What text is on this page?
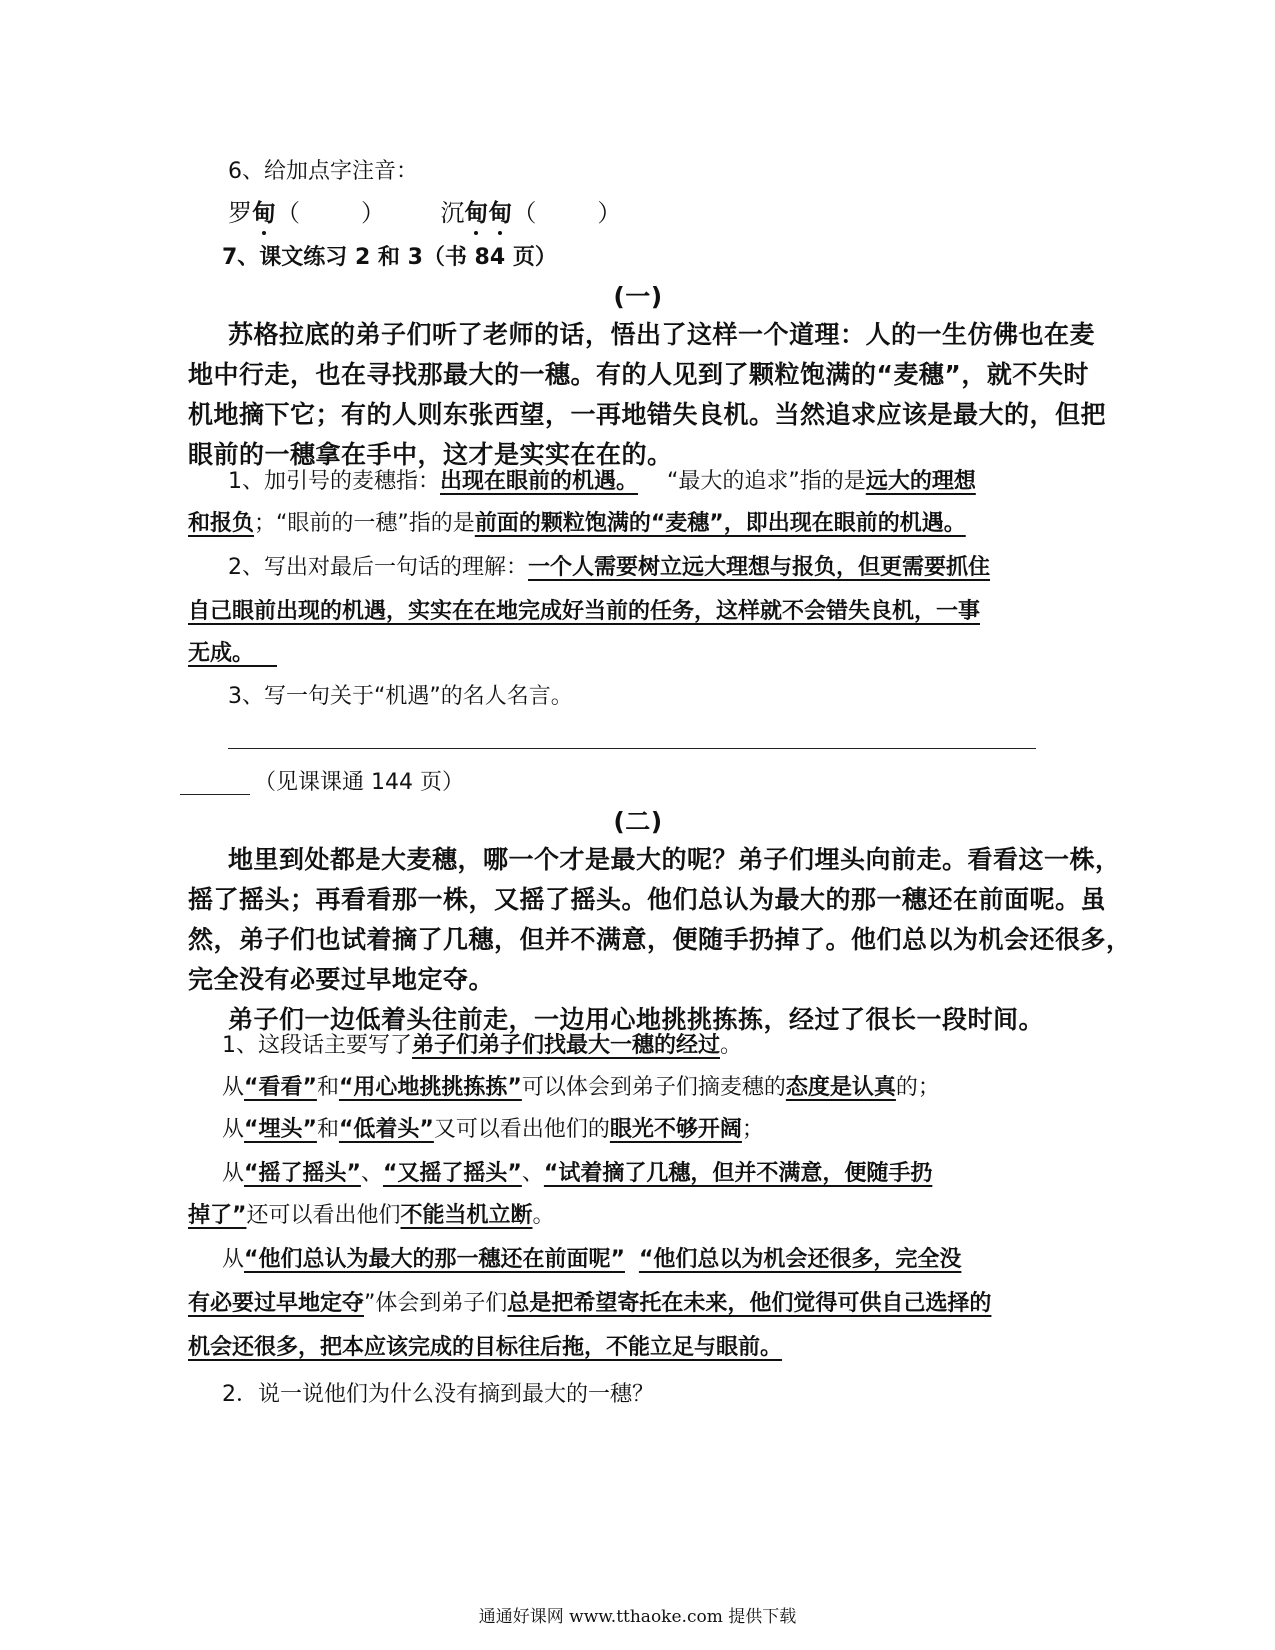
6、给加点字注音：
罗甸（        ） 沉甸甸（        ）
7、课文练习 2 和 3（书 84 页）
(一)
苏格拉底的弟子们听了老师的话，悟出了这样一个道理：人的一生仿佛也在麦
地中行走，也在寻找那最大的一穗。有的人见到了颗粒饱满的“麦穗”，就不失时
机地摘下它；有的人则东张西望，一再地错失良机。当然追求应该是最大的，但把
眼前的一穗拿在手中，这才是实实在在的。
1、加引号的麦穗指：出现在眼前的机遇。 “最大的追求”指的是远大的理想
和报负；“眼前的一穗”指的是前面的颗粒饱满的“麦穗”，即出现在眼前的机遇。
2、写出对最后一句话的理解：一个人需要树立远大理想与报负，但更需要抓住
自己眼前出现的机遇，实实在在地完成好当前的任务，这样就不会错失良机，一事
无成。
3、写一句关于“机遇”的名人名言。
（见课课通 144 页）
(二)
地里到处都是大麦穗，哪一个才是最大的呢？弟子们埋头向前走。看看这一株，
摇了摇头；再看看那一株，又摇了摇头。他们总认为最大的那一穗还在前面呢。虽
然，弟子们也试着摘了几穗，但并不满意，便随手扔掉了。他们总以为机会还很多，
完全没有必要过早地定夺。
弟子们一边低着头往前走，一边用心地挑挑拣拣，经过了很长一段时间。
1、这段话主要写了弟子们弟子们找最大一穗的经过。
从“看看”和“用心地挑挑拣拣”可以体会到弟子们摘麦穗的态度是认真的；
从“埋头”和“低着头”又可以看出他们的眼光不够开阔；
从“摇了摇头”、“又摇了摇头”、“试着摘了几穗，但并不满意，便随手扔
掉了”还可以看出他们不能当机立断。
从“他们总认为最大的那一穗还在前面呢” “他们总以为机会还很多，完全没
有必要过早地定夺”体会到弟子们总是把希望寄托在未来，他们觉得可供自己选择的
机会还很多，把本应该完成的目标往后拖，不能立足与眼前。
2．说一说他们为什么没有摘到最大的一穗？
通通好课网 www.tthaoke.com 提供下载
